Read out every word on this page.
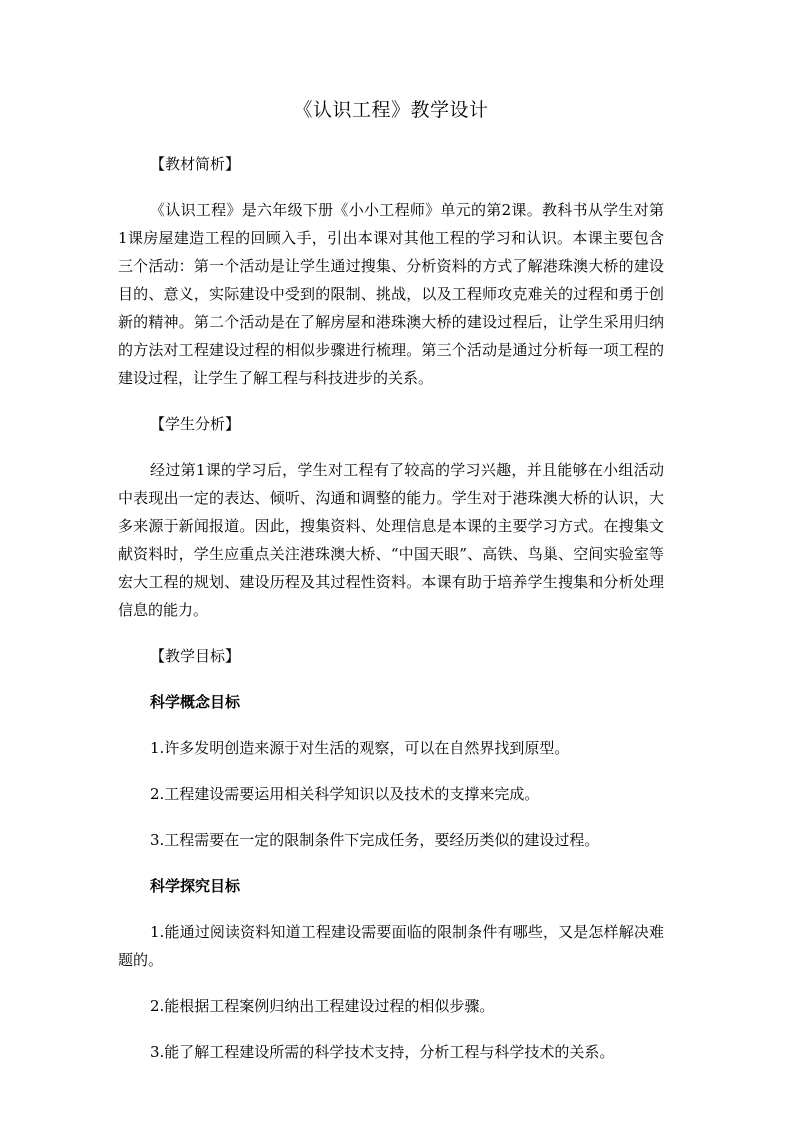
《认识工程》教学设计
【教材简析】

《认识工程》是六年级下册《小小工程师》单元的第2课。教科书从学生对第1课房屋建造工程的回顾入手，引出本课对其他工程的学习和认识。本课主要包含三个活动：第一个活动是让学生通过搜集、分析资料的方式了解港珠澳大桥的建设目的、意义，实际建设中受到的限制、挑战，以及工程师攻克难关的过程和勇于创新的精神。第二个活动是在了解房屋和港珠澳大桥的建设过程后，让学生采用归纳的方法对工程建设过程的相似步骤进行梳理。第三个活动是通过分析每一项工程的建设过程，让学生了解工程与科技进步的关系。

【学生分析】

经过第1课的学习后，学生对工程有了较高的学习兴趣，并且能够在小组活动中表现出一定的表达、倾听、沟通和调整的能力。学生对于港珠澳大桥的认识，大多来源于新闻报道。因此，搜集资料、处理信息是本课的主要学习方式。在搜集文献资料时，学生应重点关注港珠澳大桥、“中国天眼”、高铁、鸟巢、空间实验室等宏大工程的规划、建设历程及其过程性资料。本课有助于培养学生搜集和分析处理信息的能力。

【教学目标】
科学概念目标

1.许多发明创造来源于对生活的观察，可以在自然界找到原型。

2.工程建设需要运用相关科学知识以及技术的支撑来完成。

3.工程需要在一定的限制条件下完成任务，要经历类似的建设过程。

科学探究目标

1.能通过阅读资料知道工程建设需要面临的限制条件有哪些，又是怎样解决难题的。

2.能根据工程案例归纳出工程建设过程的相似步骤。

3.能了解工程建设所需的科学技术支持，分析工程与科学技术的关系。
